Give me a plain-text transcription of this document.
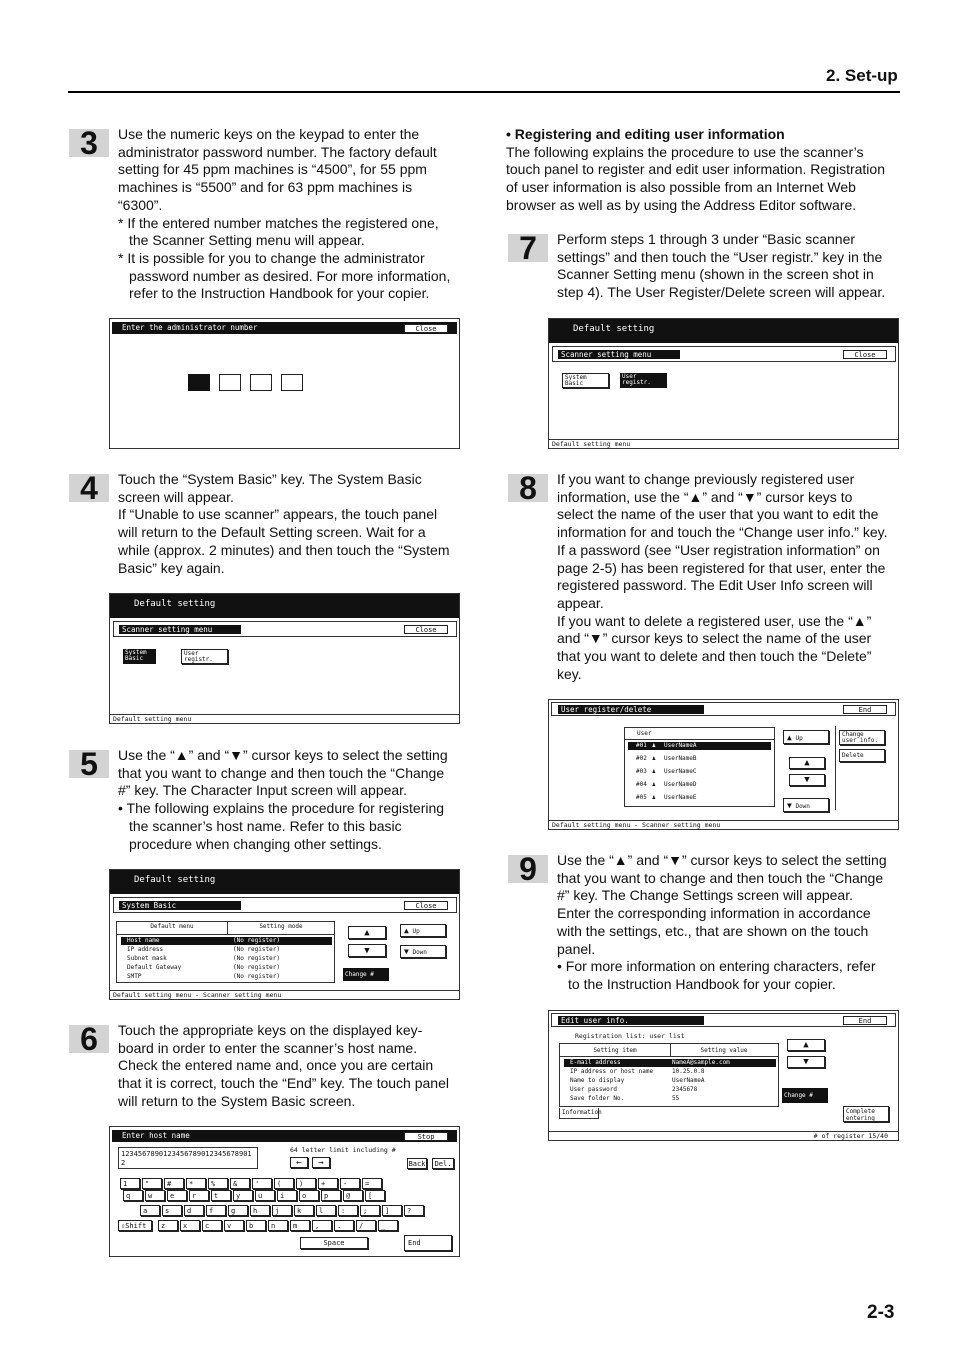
2. Set-up
2-3
3	Use the numeric keys on the keypad to enter the

administrator password number. The factory default

setting for 45 ppm machines is “4500”, for 55 ppm

machines is “5500” and for 63 ppm machines is

“6300”.

* If the entered number matches the registered one,

the Scanner Setting menu will appear.

* It is possible for you to change the administrator

password number as desired. For more information,

refer to the Instruction Handbook for your copier.

Enter the administrator number	Close
4	Touch the “System Basic” key. The System Basic

screen will appear.

If “Unable to use scanner” appears, the touch panel

will return to the Default Setting screen. Wait for a

while (approx. 2 minutes) and then touch the “System

Basic” key again.

Default setting
Scanner setting menu	Close
System
Basic
User
registr.
Default setting menu
5	Use the “▲” and “▼” cursor keys to select the setting

that you want to change and then touch the “Change

#” key. The Character Input screen will appear.

• The following explains the procedure for registering

the scanner’s host name. Refer to this basic

procedure when changing other settings.

Default setting
System Basic	Close
Default menu	Setting mode
Host name	(No register)
IP address	(No register)
Subnet mask	(No register)
Default Gateway	(No register)
SMTP	(No register)
▲
▼
▲ Up
▼ Down
Change #
Default setting menu - Scanner setting menu
6	Touch the appropriate keys on the displayed key-

board in order to enter the scanner’s host name.

Check the entered name and, once you are certain

that it is correct, touch the “End” key. The touch panel

will return to the System Basic screen.

Enter host name	Stop
12345678901234567890123456789012
64 letter limit including #
←	→	Back	Del.
1	"	#	*	%	&	'	(	)	+	-	=
q	w	e	r	t	y	u	i	o	p	@	[
a	s	d	f	g	h	j	k	l	:	;	]	?
z	x	c	v	b	n	m	,	.	/	_
⇧Shift
Space	End

• Registering and editing user information

The following explains the procedure to use the scanner’s

touch panel to register and edit user information. Registration

of user information is also possible from an Internet Web

browser as well as by using the Address Editor software.

7	Perform steps 1 through 3 under “Basic scanner

settings” and then touch the “User registr.” key in the

Scanner Setting menu (shown in the screen shot in

step 4). The User Register/Delete screen will appear.

Default setting
Scanner setting menu	Close
System
Basic
User
registr.
Default setting menu
8	If you want to change previously registered user

information, use the “▲” and “▼” cursor keys to

select the name of the user that you want to edit the

information for and touch the “Change user info.” key.

If a password (see “User registration information” on

page 2-5) has been registered for that user, enter the

registered password. The Edit User Info screen will

appear.

If you want to delete a registered user, use the “▲”

and “▼” cursor keys to select the name of the user

that you want to delete and then touch the “Delete”

key.

User register/delete	End
User
#01 ♟ UserNameA
#02 ♟ UserNameB
#03 ♟ UserNameC
#04 ♟ UserNameD
#05 ♟ UserNameE
▲ Up
▲
▼
▼ Down
Change
user info.
Delete
Default setting menu - Scanner setting menu
9	Use the “▲” and “▼” cursor keys to select the setting

that you want to change and then touch the “Change

#” key. The Change Settings screen will appear.

Enter the corresponding information in accordance

with the settings, etc., that are shown on the touch

panel.

• For more information on entering characters, refer

to the Instruction Handbook for your copier.

Edit user info.	End
Registration list: user list
Setting item	Setting value
E-mail address	NameA@sample.com
IP address or host name	10.25.0.8
Name to display	UserNameA
User password	2345678
Save folder No.	55
Information
▲
▼
Change #
Complete
entering
# of register 15/40
